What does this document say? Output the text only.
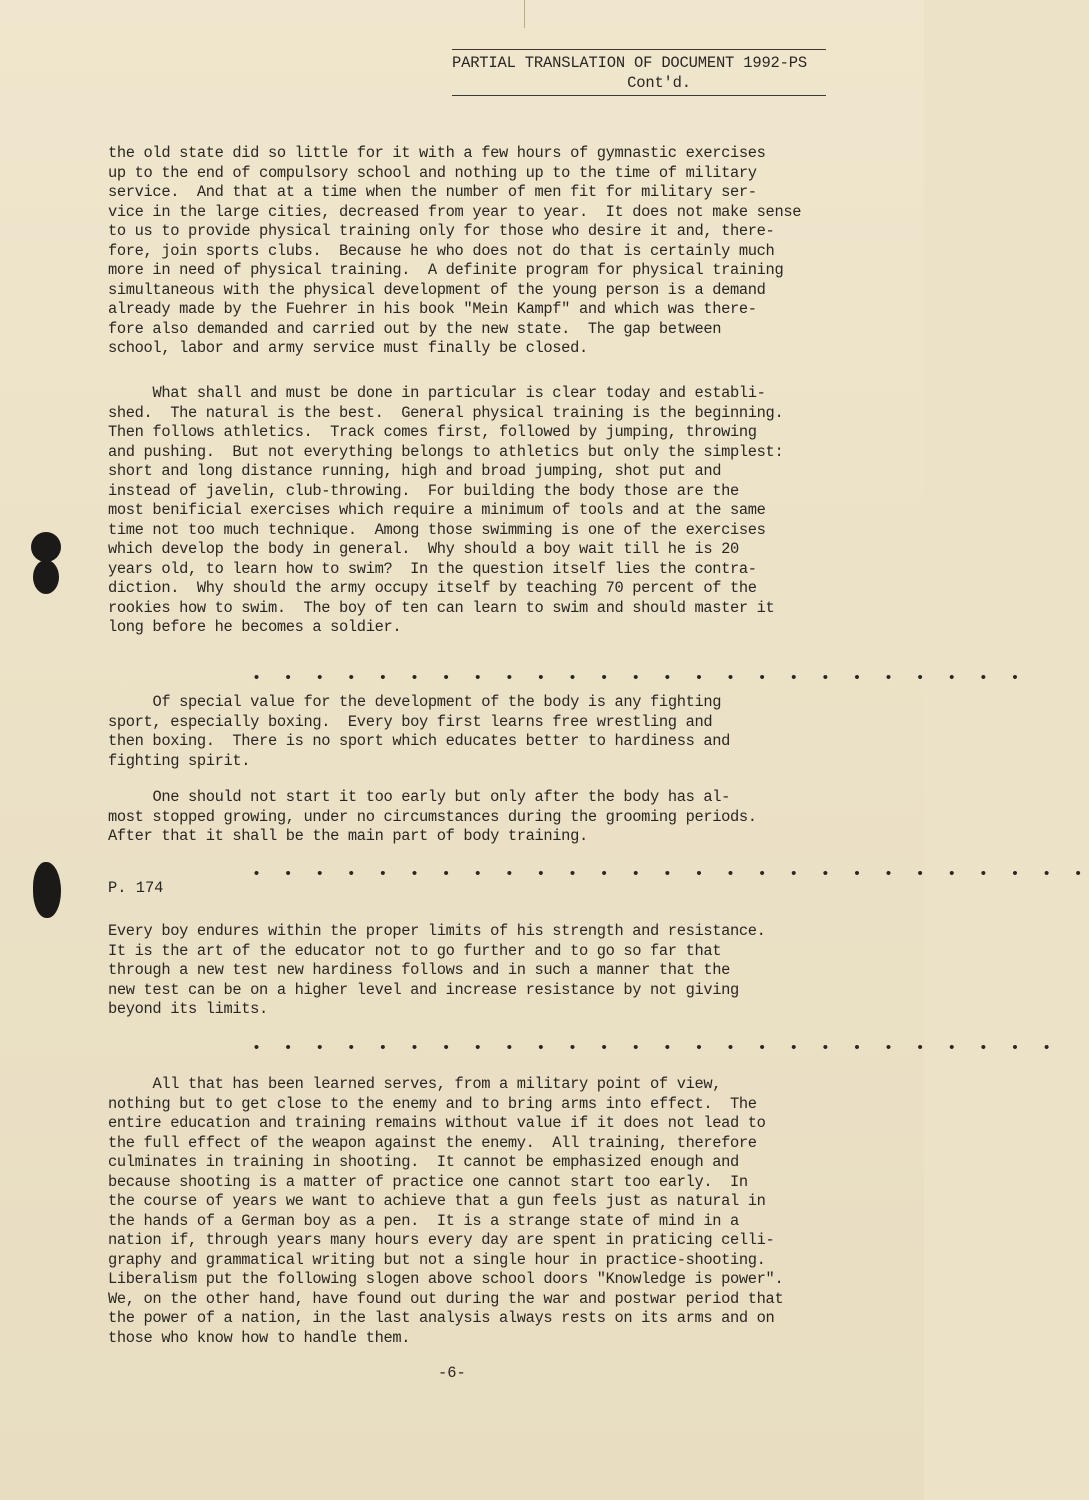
PARTIAL TRANSLATION OF DOCUMENT 1992-PS
Cont'd.

the old state did so little for it with a few hours of gymnastic exercises
up to the end of compulsory school and nothing up to the time of military
service.  And that at a time when the number of men fit for military ser-
vice in the large cities, decreased from year to year.  It does not make sense
to us to provide physical training only for those who desire it and, there-
fore, join sports clubs.  Because he who does not do that is certainly much
more in need of physical training.  A definite program for physical training
simultaneous with the physical development of the young person is a demand
already made by the Fuehrer in his book "Mein Kampf" and which was there-
fore also demanded and carried out by the new state.  The gap between
school, labor and army service must finally be closed.

What shall and must be done in particular is clear today and establi-
shed.  The natural is the best.  General physical training is the beginning.
Then follows athletics.  Track comes first, followed by jumping, throwing
and pushing.  But not everything belongs to athletics but only the simplest:
short and long distance running, high and broad jumping, shot put and
instead of javelin, club-throwing.  For building the body those are the
most benificial exercises which require a minimum of tools and at the same
time not too much technique.  Among those swimming is one of the exercises
which develop the body in general.  Why should a boy wait till he is 20
years old, to learn how to swim?  In the question itself lies the contra-
diction.  Why should the army occupy itself by teaching 70 percent of the
rookies how to swim.  The boy of ten can learn to swim and should master it
long before he becomes a soldier.

• • • • • • • • • • • • • • • • • • • • • • • • •

Of special value for the development of the body is any fighting
sport, especially boxing.  Every boy first learns free wrestling and
then boxing.  There is no sport which educates better to hardiness and
fighting spirit.

One should not start it too early but only after the body has al-
most stopped growing, under no circumstances during the grooming periods.
After that it shall be the main part of body training.

• • • • • • • • • • • • • • • • • • • • • • • • • • •
P. 174

Every boy endures within the proper limits of his strength and resistance.
It is the art of the educator not to go further and to go so far that
through a new test new hardiness follows and in such a manner that the
new test can be on a higher level and increase resistance by not giving
beyond its limits.

• • • • • • • • • • • • • • • • • • • • • • • • • •

All that has been learned serves, from a military point of view,
nothing but to get close to the enemy and to bring arms into effect.  The
entire education and training remains without value if it does not lead to
the full effect of the weapon against the enemy.  All training, therefore
culminates in training in shooting.  It cannot be emphasized enough and
because shooting is a matter of practice one cannot start too early.  In
the course of years we want to achieve that a gun feels just as natural in
the hands of a German boy as a pen.  It is a strange state of mind in a
nation if, through years many hours every day are spent in praticing celli-
graphy and grammatical writing but not a single hour in practice-shooting.
Liberalism put the following slogen above school doors "Knowledge is power".
We, on the other hand, have found out during the war and postwar period that
the power of a nation, in the last analysis always rests on its arms and on
those who know how to handle them.

-6-
